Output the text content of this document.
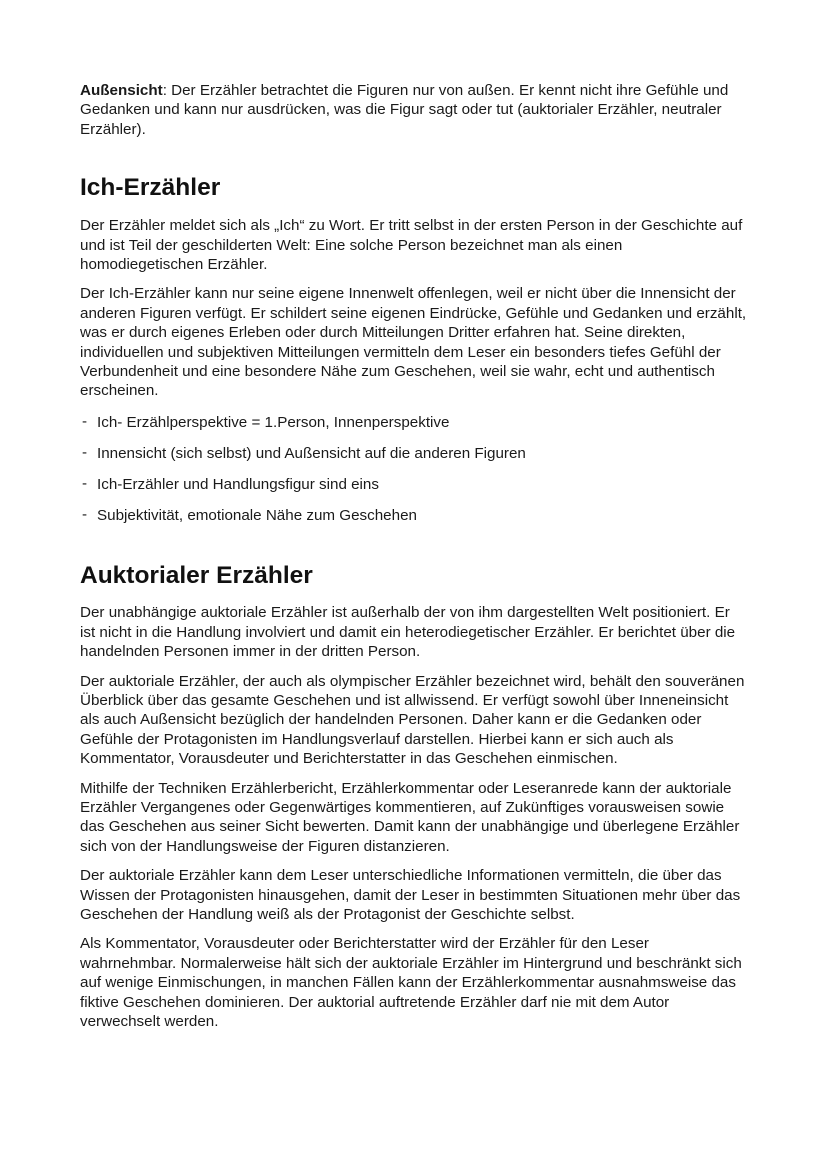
Außensicht: Der Erzähler betrachtet die Figuren nur von außen. Er kennt nicht ihre Gefühle und Gedanken und kann nur ausdrücken, was die Figur sagt oder tut (auktorialer Erzähler, neutraler Erzähler).

Ich-Erzähler

Der Erzähler meldet sich als „Ich“ zu Wort. Er tritt selbst in der ersten Person in der Geschichte auf und ist Teil der geschilderten Welt: Eine solche Person bezeichnet man als einen homodiegetischen Erzähler.

Der Ich-Erzähler kann nur seine eigene Innenwelt offenlegen, weil er nicht über die Innensicht der anderen Figuren verfügt. Er schildert seine eigenen Eindrücke, Gefühle und Gedanken und erzählt, was er durch eigenes Erleben oder durch Mitteilungen Dritter erfahren hat. Seine direkten, individuellen und subjektiven Mitteilungen vermitteln dem Leser ein besonders tiefes Gefühl der Verbundenheit und eine besondere Nähe zum Geschehen, weil sie wahr, echt und authentisch erscheinen.

- Ich- Erzählperspektive = 1.Person, Innenperspektive
- Innensicht (sich selbst) und Außensicht auf die anderen Figuren
- Ich-Erzähler und Handlungsfigur sind eins
- Subjektivität, emotionale Nähe zum Geschehen
Auktorialer Erzähler

Der unabhängige auktoriale Erzähler ist außerhalb der von ihm dargestellten Welt positioniert. Er ist nicht in die Handlung involviert und damit ein heterodiegetischer Erzähler. Er berichtet über die handelnden Personen immer in der dritten Person.

Der auktoriale Erzähler, der auch als olympischer Erzähler bezeichnet wird, behält den souveränen Überblick über das gesamte Geschehen und ist allwissend. Er verfügt sowohl über Inneneinsicht als auch Außensicht bezüglich der handelnden Personen. Daher kann er die Gedanken oder Gefühle der Protagonisten im Handlungsverlauf darstellen. Hierbei kann er sich auch als Kommentator, Vorausdeuter und Berichterstatter in das Geschehen einmischen.

Mithilfe der Techniken Erzählerbericht, Erzählerkommentar oder Leseranrede kann der auktoriale Erzähler Vergangenes oder Gegenwärtiges kommentieren, auf Zukünftiges vorausweisen sowie das Geschehen aus seiner Sicht bewerten. Damit kann der unabhängige und überlegene Erzähler sich von der Handlungsweise der Figuren distanzieren.

Der auktoriale Erzähler kann dem Leser unterschiedliche Informationen vermitteln, die über das Wissen der Protagonisten hinausgehen, damit der Leser in bestimmten Situationen mehr über das Geschehen der Handlung weiß als der Protagonist der Geschichte selbst.

Als Kommentator, Vorausdeuter oder Berichterstatter wird der Erzähler für den Leser wahrnehmbar. Normalerweise hält sich der auktoriale Erzähler im Hintergrund und beschränkt sich auf wenige Einmischungen, in manchen Fällen kann der Erzählerkommentar ausnahmsweise das fiktive Geschehen dominieren. Der auktorial auftretende Erzähler darf nie mit dem Autor verwechselt werden.
